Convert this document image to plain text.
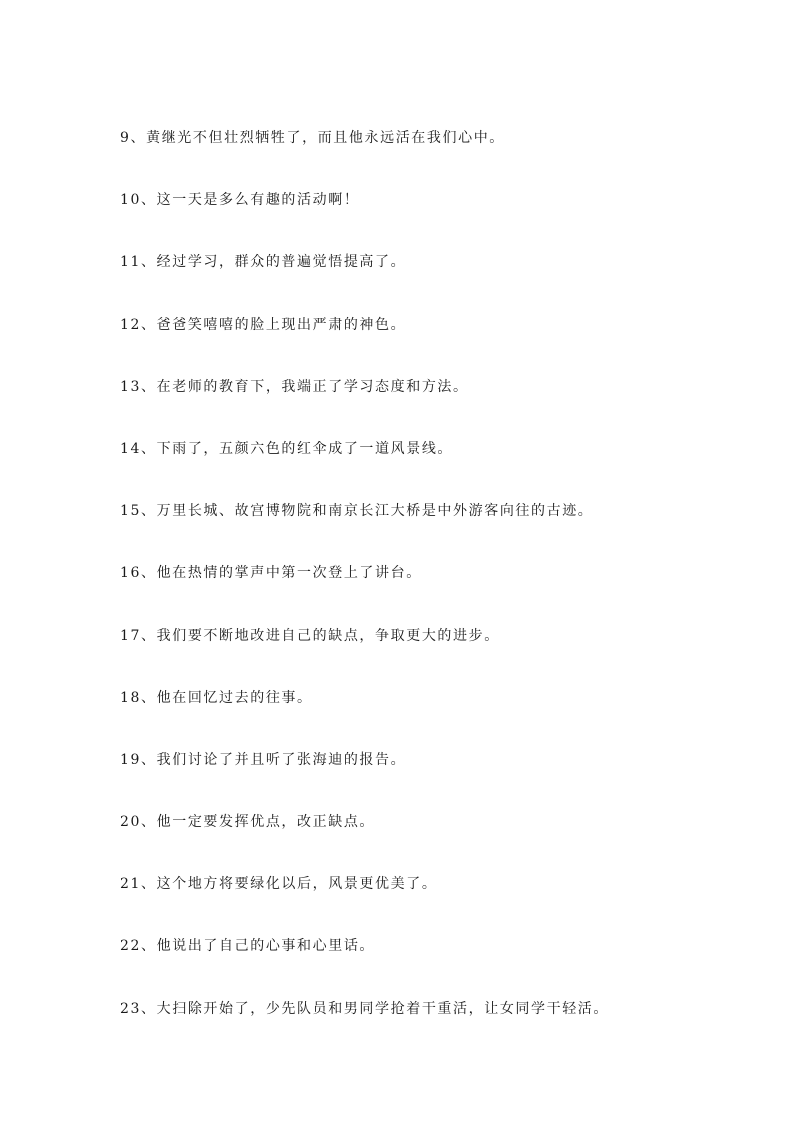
9、黄继光不但壮烈牺牲了，而且他永远活在我们心中。
10、这一天是多么有趣的活动啊！
11、经过学习，群众的普遍觉悟提高了。
12、爸爸笑嘻嘻的脸上现出严肃的神色。
13、在老师的教育下，我端正了学习态度和方法。
14、下雨了，五颜六色的红伞成了一道风景线。
15、万里长城、故宫博物院和南京长江大桥是中外游客向往的古迹。
16、他在热情的掌声中第一次登上了讲台。
17、我们要不断地改进自己的缺点，争取更大的进步。
18、他在回忆过去的往事。
19、我们讨论了并且听了张海迪的报告。
20、他一定要发挥优点，改正缺点。
21、这个地方将要绿化以后，风景更优美了。
22、他说出了自己的心事和心里话。
23、大扫除开始了，少先队员和男同学抢着干重活，让女同学干轻活。
